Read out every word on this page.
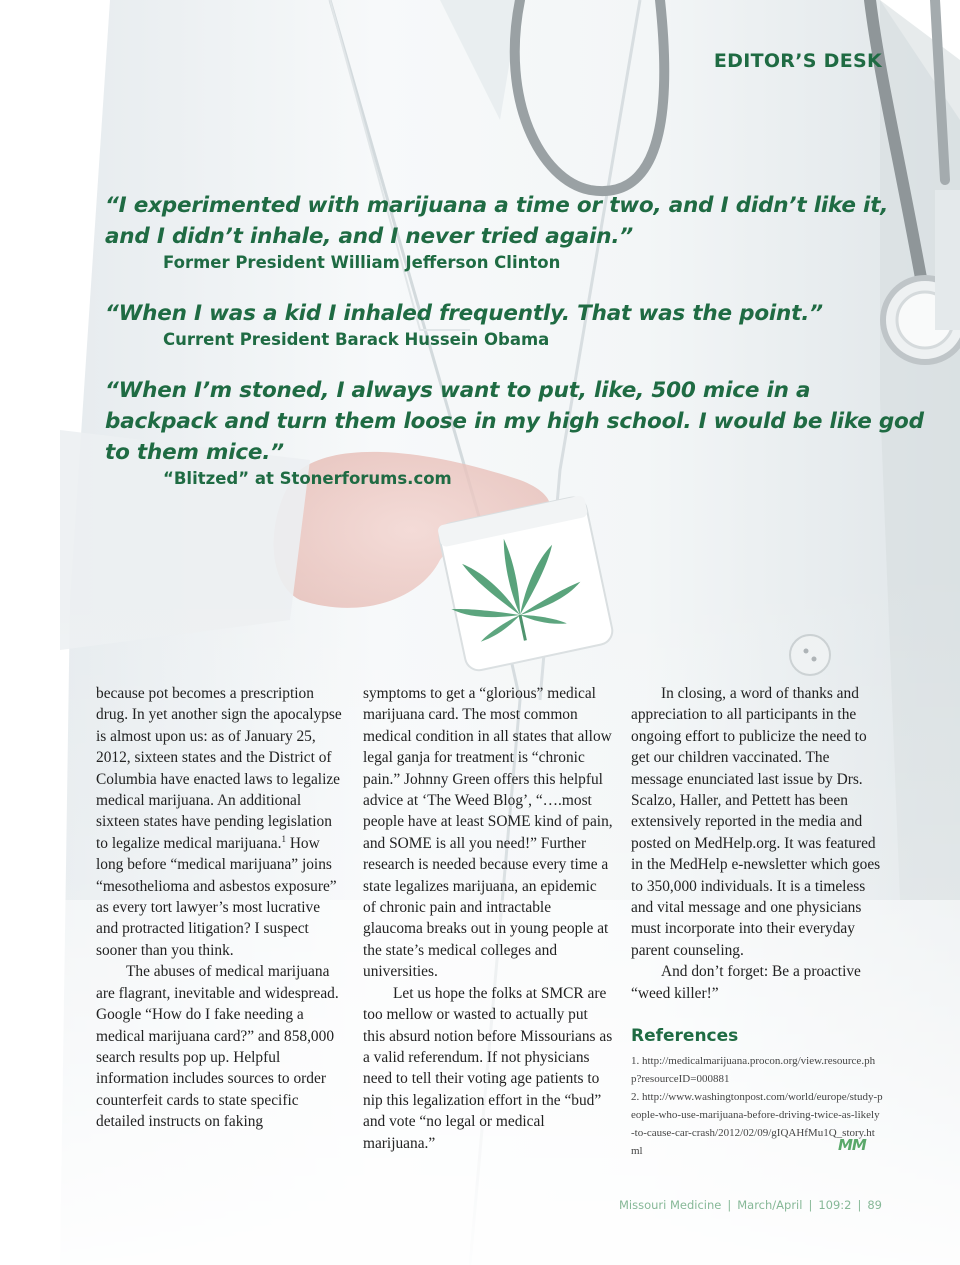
EDITOR’S DESK

“I experimented with marijuana a time or two, and I didn’t like it, and I didn’t inhale, and I never tried again.”

Former President William Jefferson Clinton

“When I was a kid I inhaled frequently. That was the point.”

Current President Barack Hussein Obama

“When I’m stoned, I always want to put, like, 500 mice in a backpack and turn them loose in my high school. I would be like god to them mice.”

“Blitzed” at Stonerforums.com

because pot becomes a prescription drug. In yet another sign the apocalypse is almost upon us: as of January 25, 2012, sixteen states and the District of Columbia have enacted laws to legalize medical marijuana. An additional sixteen states have pending legislation to legalize medical marijuana.$^1$ How long before “medical marijuana” joins “mesothelioma and asbestos exposure” as every tort lawyer’s most lucrative and protracted litigation? I suspect sooner than you think.

The abuses of medical marijuana are flagrant, inevitable and widespread. Google “How do I fake needing a medical marijuana card?” and 858,000 search results pop up. Helpful information includes sources to order counterfeit cards to state specific detailed instructs on faking

symptoms to get a “glorious” medical marijuana card. The most common medical condition in all states that allow legal ganja for treatment is “chronic pain.” Johnny Green offers this helpful advice at ‘The Weed Blog’, “….most people have at least SOME kind of pain, and SOME is all you need!” Further research is needed because every time a state legalizes marijuana, an epidemic of chronic pain and intractable glaucoma breaks out in young people at the state’s medical colleges and universities.

Let us hope the folks at SMCR are too mellow or wasted to actually put this absurd notion before Missourians as a valid referendum. If not physicians need to tell their voting age patients to nip this legalization effort in the “bud” and vote “no legal or medical marijuana.”

In closing, a word of thanks and appreciation to all participants in the ongoing effort to publicize the need to get our children vaccinated. The message enunciated last issue by Drs. Scalzo, Haller, and Pettett has been extensively reported in the media and posted on MedHelp.org. It was featured in the MedHelp e-newsletter which goes to 350,000 individuals. It is a timeless and vital message and one physicians must incorporate into their everyday parent counseling.

And don’t forget: Be a proactive “weed killer!”

References

1. http://medicalmarijuana.procon.org/view.resource.php?resourceID=000881

2. http://www.washingtonpost.com/world/europe/study-people-who-use-marijuana-before-driving-twice-as-likely-to-cause-car-crash/2012/02/09/gIQAHfMu1Q_story.html	MM
Missouri Medicine | March/April | 109:2 | 89
